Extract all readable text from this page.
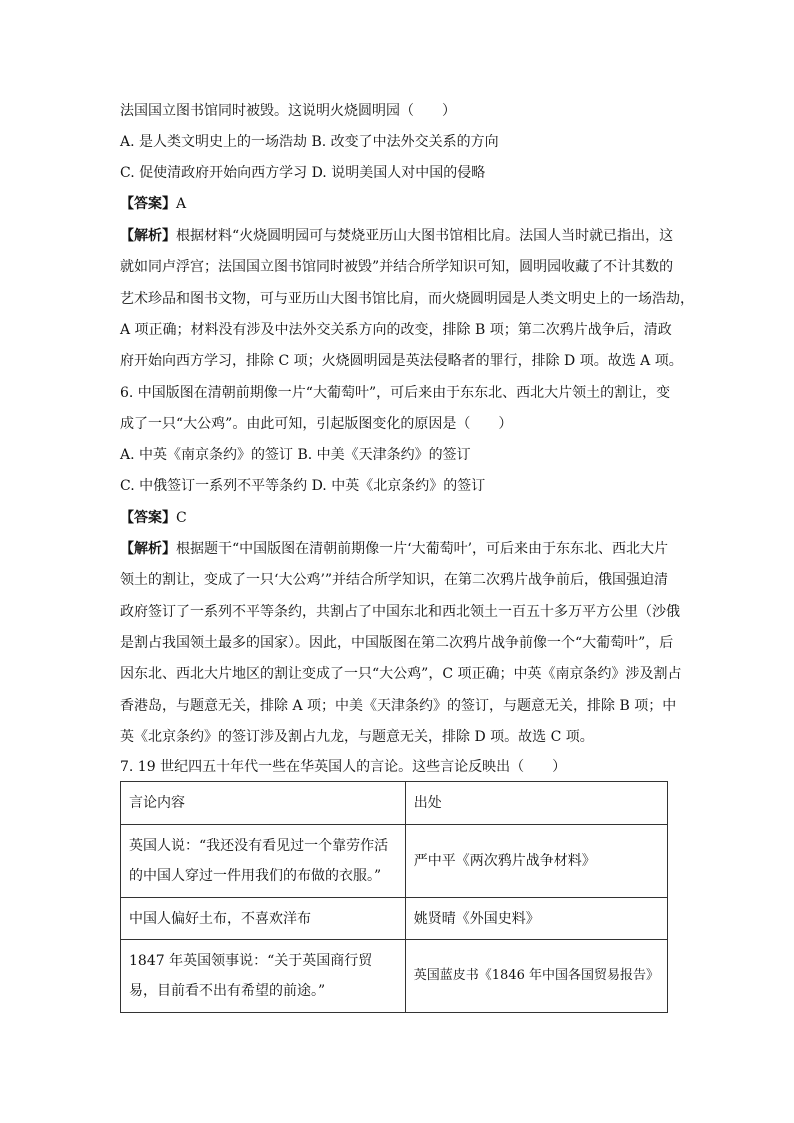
法国国立图书馆同时被毁。这说明火烧圆明园（　　）
A. 是人类文明史上的一场浩劫 B. 改变了中法外交关系的方向
C. 促使清政府开始向西方学习 D. 说明美国人对中国的侵略
【答案】A
【解析】根据材料“火烧圆明园可与焚烧亚历山大图书馆相比肩。法国人当时就已指出，这
就如同卢浮宫；法国国立图书馆同时被毁”并结合所学知识可知，圆明园收藏了不计其数的
艺术珍品和图书文物，可与亚历山大图书馆比肩，而火烧圆明园是人类文明史上的一场浩劫，
A 项正确；材料没有涉及中法外交关系方向的改变，排除 B 项；第二次鸦片战争后，清政
府开始向西方学习，排除 C 项；火烧圆明园是英法侵略者的罪行，排除 D 项。故选 A 项。
6. 中国版图在清朝前期像一片“大葡萄叶”，可后来由于东东北、西北大片领土的割让，变
成了一只“大公鸡”。由此可知，引起版图变化的原因是（　　）
A. 中英《南京条约》的签订 B. 中美《天津条约》的签订
C. 中俄签订一系列不平等条约 D. 中英《北京条约》的签订
【答案】C
【解析】根据题干“中国版图在清朝前期像一片‘大葡萄叶’，可后来由于东东北、西北大片
领土的割让，变成了一只‘大公鸡’”并结合所学知识，在第二次鸦片战争前后，俄国强迫清
政府签订了一系列不平等条约，共割占了中国东北和西北领土一百五十多万平方公里（沙俄
是割占我国领土最多的国家）。因此，中国版图在第二次鸦片战争前像一个“大葡萄叶”，后
因东北、西北大片地区的割让变成了一只“大公鸡”，C 项正确；中英《南京条约》涉及割占
香港岛，与题意无关，排除 A 项；中美《天津条约》的签订，与题意无关，排除 B 项；中
英《北京条约》的签订涉及割占九龙，与题意无关，排除 D 项。故选 C 项。
7. 19 世纪四五十年代一些在华英国人的言论。这些言论反映出（　　）
言论内容	出处
英国人说：“我还没有看见过一个靠劳作活的中国人穿过一件用我们的布做的衣服。”	严中平《两次鸦片战争材料》
中国人偏好土布，不喜欢洋布	姚贤晴《外国史料》
1847 年英国领事说：“关于英国商行贸易，目前看不出有希望的前途。”	英国蓝皮书《1846 年中国各国贸易报告》
